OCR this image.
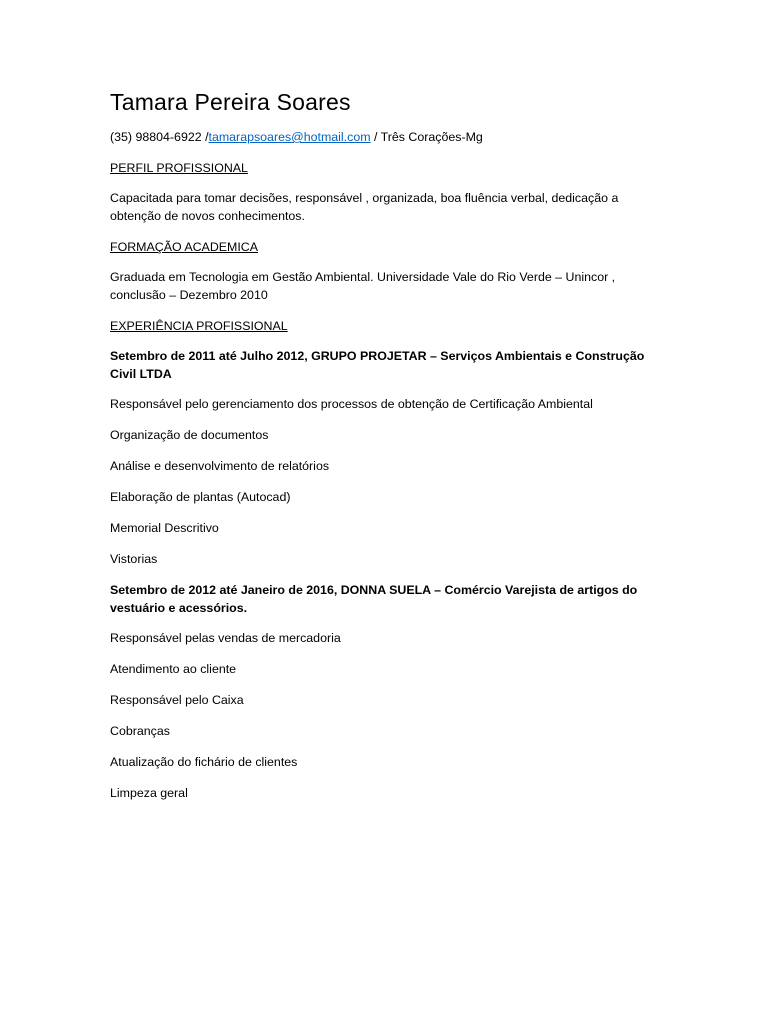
Tamara Pereira Soares
(35) 98804-6922 /tamarapsoares@hotmail.com / Três Corações-Mg
PERFIL PROFISSIONAL
Capacitada para tomar decisões, responsável , organizada, boa fluência verbal, dedicação a obtenção de novos conhecimentos.
FORMAÇÃO ACADEMICA
Graduada em Tecnologia em Gestão Ambiental. Universidade Vale do Rio Verde – Unincor , conclusão – Dezembro 2010
EXPERIÊNCIA PROFISSIONAL
Setembro de 2011 até Julho 2012, GRUPO PROJETAR – Serviços Ambientais e Construção Civil LTDA
Responsável pelo gerenciamento dos processos de obtenção de Certificação Ambiental
Organização de documentos
Análise e desenvolvimento de relatórios
Elaboração de plantas (Autocad)
Memorial Descritivo
Vistorias
Setembro de 2012 até Janeiro de 2016, DONNA SUELA – Comércio Varejista de artigos do vestuário e acessórios.
Responsável pelas vendas de mercadoria
Atendimento ao cliente
Responsável pelo Caixa
Cobranças
Atualização do fichário de clientes
Limpeza geral
